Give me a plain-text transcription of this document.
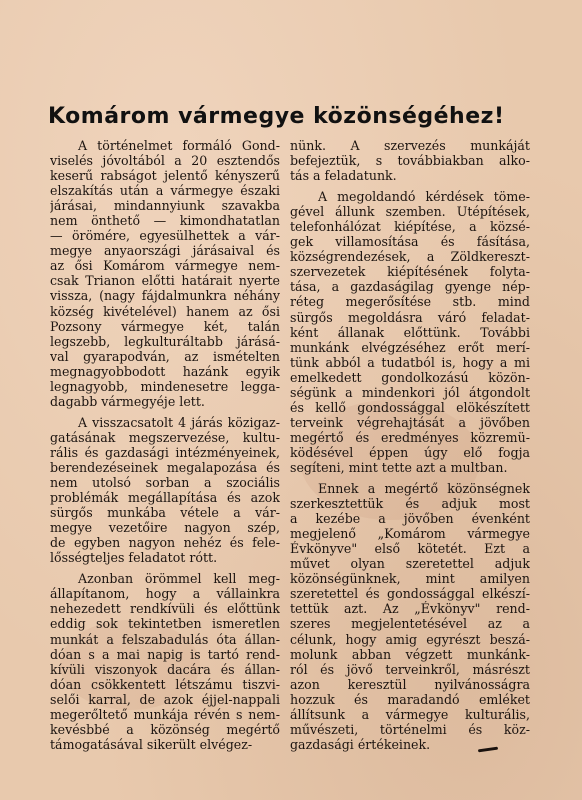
Komárom vármegye közönségéhez!

A történelmet formáló Gond-
viselés jóvoltából a 20 esztendős
keserű rabságot jelentő kényszerű
elszakítás után a vármegye északi
járásai, mindannyiunk szavakba
nem önthető — kimondhatatlan
— örömére, egyesülhettek a vár-
megye anyaországi járásaival és
az ősi Komárom vármegye nem-
csak Trianon előtti határait nyerte
vissza, (nagy fájdalmunkra néhány
község kivételével) hanem az ősi
Pozsony vármegye két, talán
legszebb, legkulturáltabb járásá-
val gyarapodván, az ismételten
megnagyobbodott hazánk egyik
legnagyobb, mindenesetre legga-
dagabb vármegyéje lett.

A visszacsatolt 4 járás közigaz-
gatásának megszervezése, kultu-
rális és gazdasági intézményeinek,
berendezéseinek megalapozása és
nem utolsó sorban a szociális
problémák megállapítása és azok
sürgős munkába vétele a vár-
megye vezetőire nagyon szép,
de egyben nagyon nehéz és fele-
lősségteljes feladatot rótt.

Azonban örömmel kell meg-
állapítanom, hogy a vállainkra
nehezedett rendkívüli és előttünk
eddig sok tekintetben ismeretlen
munkát a felszabadulás óta állan-
dóan s a mai napig is tartó rend-
kívüli viszonyok dacára és állan-
dóan csökkentett létszámu tiszvi-
selői karral, de azok éjjel-nappali
megerőltető munkája révén s nem-
kevésbbé a közönség megértő
támogatásával sikerült elvégez-

nünk. A szervezés munkáját
befejeztük, s továbbiakban alko-
tás a feladatunk.

A megoldandó kérdések töme-
gével állunk szemben. Utépítések,
telefonhálózat kiépítése, a közsé-
gek villamosítása és fásítása,
községrendezések, a Zöldkereszt-
szervezetek kiépítésének folyta-
tása, a gazdaságilag gyenge nép-
réteg megerősítése stb. mind
sürgős megoldásra váró feladat-
ként állanak előttünk. További
munkánk elvégzéséhez erőt merí-
tünk abból a tudatból is, hogy a mi
emelkedett gondolkozású közön-
ségünk a mindenkori jól átgondolt
és kellő gondossággal elökészített
terveink végrehajtását a jövőben
megértő és eredményes közremü-
ködésével éppen úgy elő fogja
segíteni, mint tette azt a multban.

Ennek a megértő közönségnek
szerkesztettük és adjuk most
a kezébe a jövőben évenként
megjelenő „Komárom vármegye
Évkönyve" első kötetét. Ezt a
művet olyan szeretettel adjuk
közönségünknek, mint amilyen
szeretettel és gondossággal elkészí-
tettük azt. Az „Évkönyv" rend-
szeres megjelentetésével az a
célunk, hogy amig egyrészt beszá-
molunk abban végzett munkánk-
ról és jövő terveinkről, másrészt
azon keresztül nyilvánosságra
hozzuk és maradandó emléket
állítsunk a vármegye kulturális,
művészeti, történelmi és köz-
gazdasági értékeinek.
